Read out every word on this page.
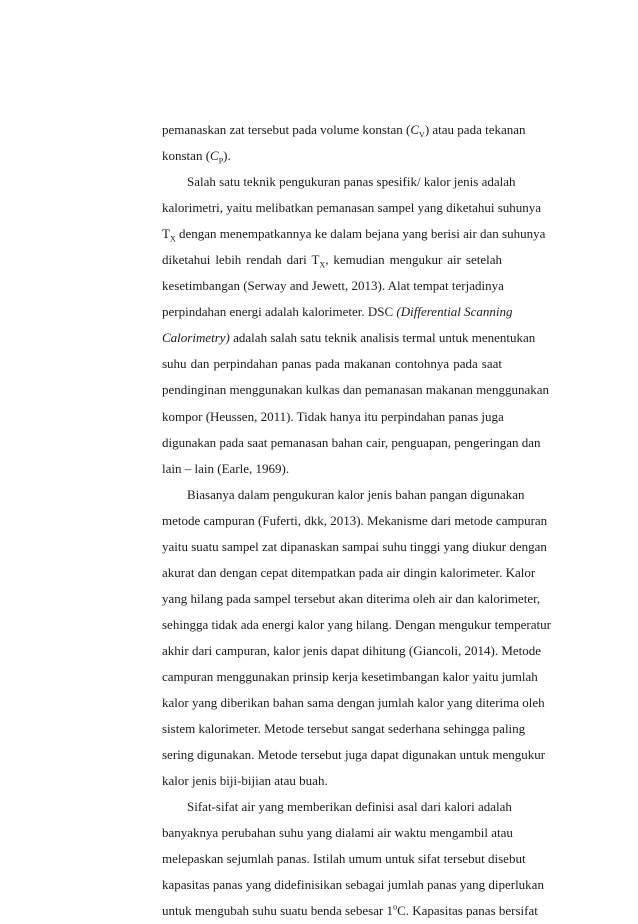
pemanaskan zat tersebut pada volume konstan $(C_V)$ atau pada tekanan
konstan $(C_P)$.
Salah satu teknik pengukuran panas spesifik/ kalor jenis adalah
kalorimetri, yaitu melibatkan pemanasan sampel yang diketahui suhunya
$T_X$ dengan menempatkannya ke dalam bejana yang berisi air dan suhunya
diketahui lebih rendah dari $T_X$, kemudian mengukur air setelah
kesetimbangan (Serway and Jewett, 2013). Alat tempat terjadinya
perpindahan energi adalah kalorimeter. DSC (Differential Scanning
Calorimetry) adalah salah satu teknik analisis termal untuk menentukan
suhu dan perpindahan panas pada makanan contohnya pada saat
pendinginan menggunakan kulkas dan pemanasan makanan menggunakan
kompor (Heussen, 2011). Tidak hanya itu perpindahan panas juga
digunakan pada saat pemanasan bahan cair, penguapan, pengeringan dan
lain – lain (Earle, 1969).
Biasanya dalam pengukuran kalor jenis bahan pangan digunakan
metode campuran (Fuferti, dkk, 2013). Mekanisme dari metode campuran
yaitu suatu sampel zat dipanaskan sampai suhu tinggi yang diukur dengan
akurat dan dengan cepat ditempatkan pada air dingin kalorimeter. Kalor
yang hilang pada sampel tersebut akan diterima oleh air dan kalorimeter,
sehingga tidak ada energi kalor yang hilang. Dengan mengukur temperatur
akhir dari campuran, kalor jenis dapat dihitung (Giancoli, 2014). Metode
campuran menggunakan prinsip kerja kesetimbangan kalor yaitu jumlah
kalor yang diberikan bahan sama dengan jumlah kalor yang diterima oleh
sistem kalorimeter. Metode tersebut sangat sederhana sehingga paling
sering digunakan. Metode tersebut juga dapat digunakan untuk mengukur
kalor jenis biji-bijian atau buah.
Sifat-sifat air yang memberikan definisi asal dari kalori adalah
banyaknya perubahan suhu yang dialami air waktu mengambil atau
melepaskan sejumlah panas. Istilah umum untuk sifat tersebut disebut
kapasitas panas yang didefinisikan sebagai jumlah panas yang diperlukan
untuk mengubah suhu suatu benda sebesar 1$^o$C. Kapasitas panas bersifat
